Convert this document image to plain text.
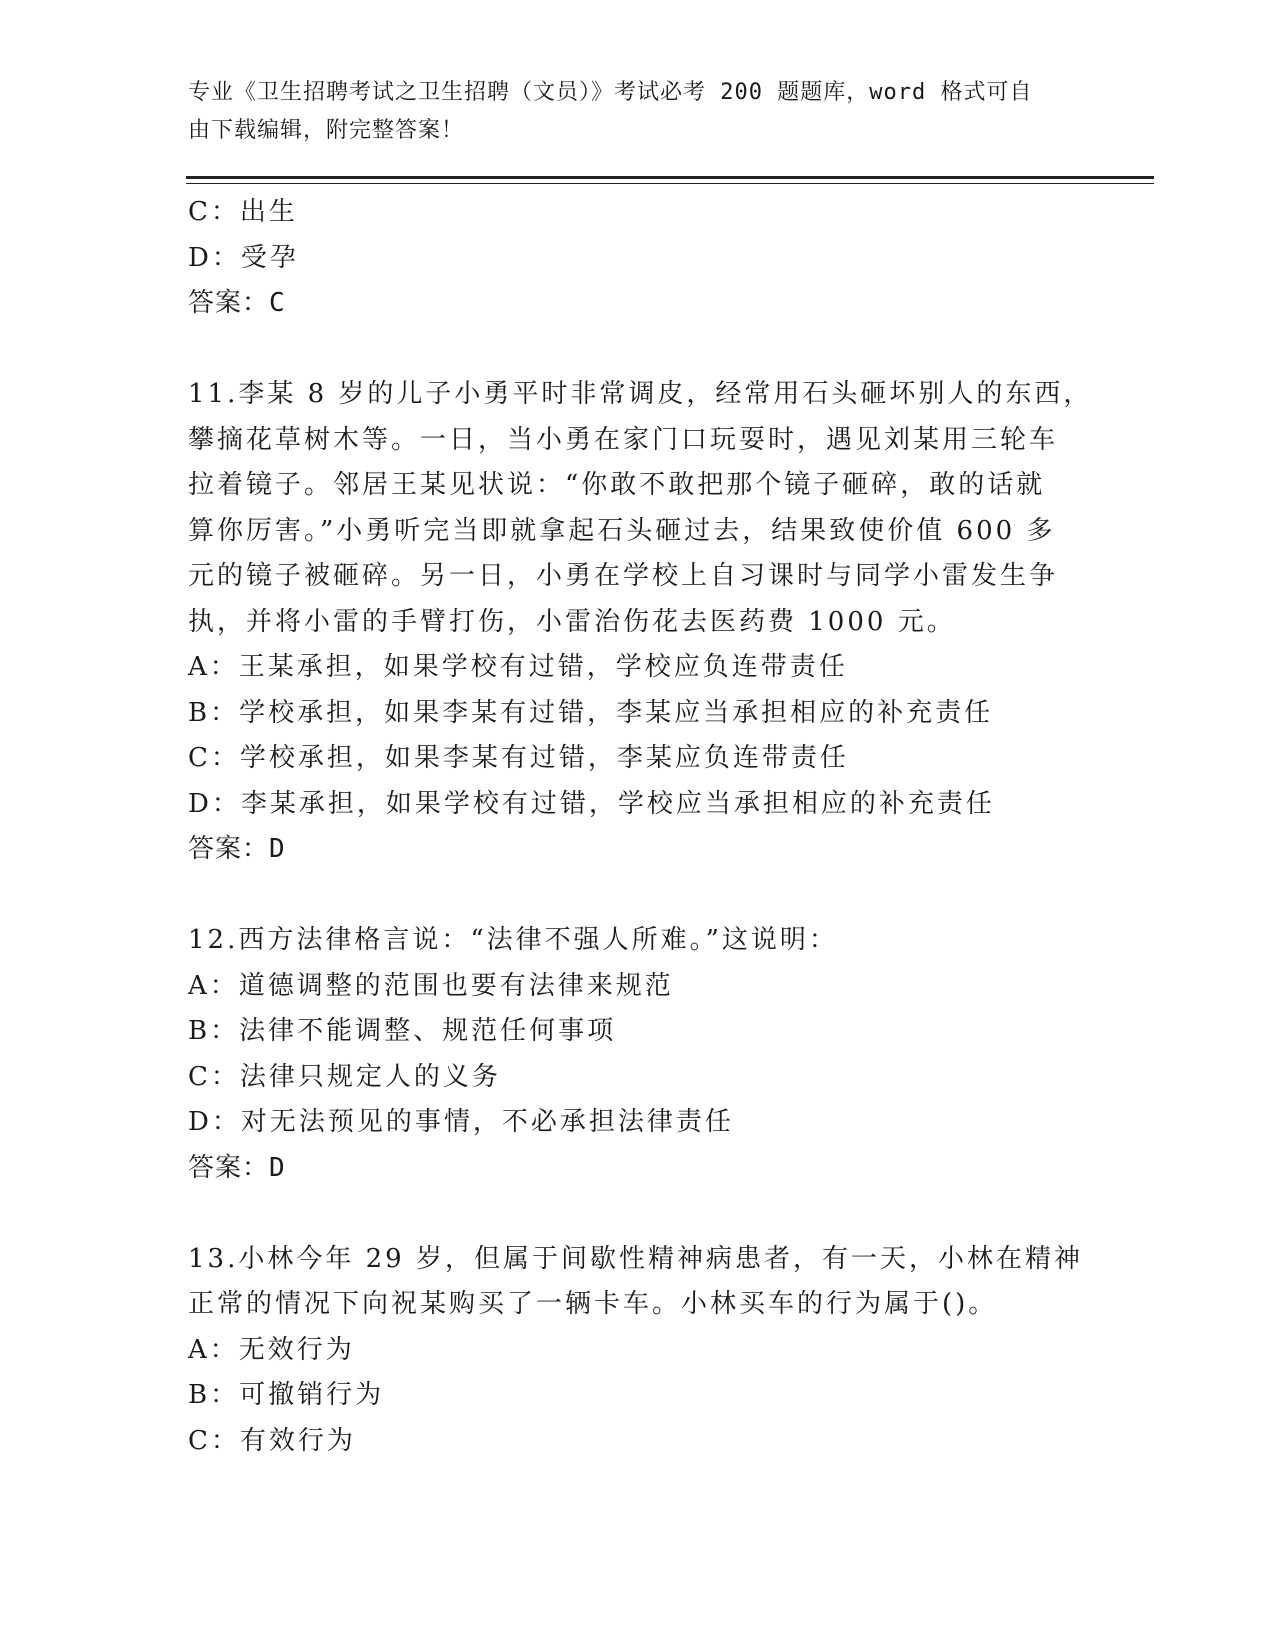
专业《卫生招聘考试之卫生招聘（文员）》考试必考 200 题题库，word 格式可自
由下载编辑，附完整答案！
C：出生
D：受孕
答案：C
11.李某 8 岁的儿子小勇平时非常调皮，经常用石头砸坏别人的东西，
攀摘花草树木等。一日，当小勇在家门口玩耍时，遇见刘某用三轮车
拉着镜子。邻居王某见状说：“你敢不敢把那个镜子砸碎，敢的话就
算你厉害。”小勇听完当即就拿起石头砸过去，结果致使价值 600 多
元的镜子被砸碎。另一日，小勇在学校上自习课时与同学小雷发生争
执，并将小雷的手臂打伤，小雷治伤花去医药费 1000 元。
A：王某承担，如果学校有过错，学校应负连带责任
B：学校承担，如果李某有过错，李某应当承担相应的补充责任
C：学校承担，如果李某有过错，李某应负连带责任
D：李某承担，如果学校有过错，学校应当承担相应的补充责任
答案：D
12.西方法律格言说：“法律不强人所难。”这说明：
A：道德调整的范围也要有法律来规范
B：法律不能调整、规范任何事项
C：法律只规定人的义务
D：对无法预见的事情，不必承担法律责任
答案：D
13.小林今年 29 岁，但属于间歇性精神病患者，有一天，小林在精神
正常的情况下向祝某购买了一辆卡车。小林买车的行为属于()。
A：无效行为
B：可撤销行为
C：有效行为
